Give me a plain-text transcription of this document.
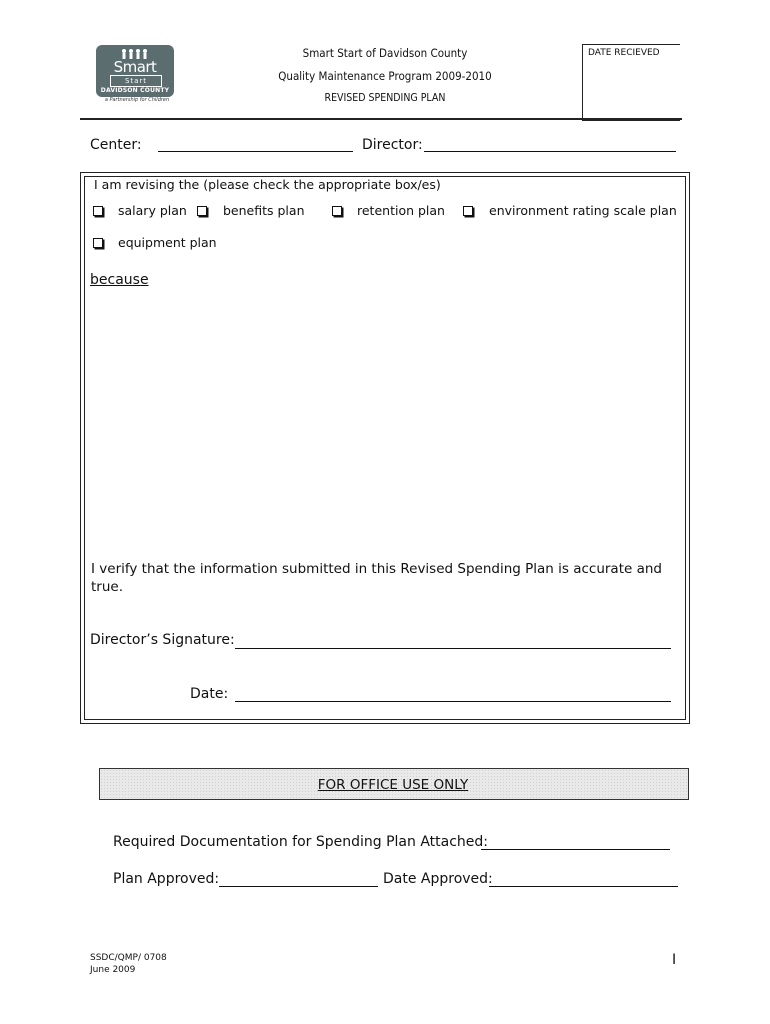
Smart
Start
DAVIDSON COUNTY
a Partnership for Children
Smart Start of Davidson County
Quality Maintenance Program 2009-2010
REVISED SPENDING PLAN
DATE RECIEVED
Center:	Director:
I am revising the (please check the appropriate box/es)
salary plan	benefits plan	retention plan	environment rating scale plan
equipment plan
because
I verify that the information submitted in this Revised Spending Plan is accurate and true.
Director’s Signature:
Date:
FOR OFFICE USE ONLY
Required Documentation for Spending Plan Attached:
Plan Approved:	Date Approved:
SSDC/QMP/ 0708
June 2009
I
